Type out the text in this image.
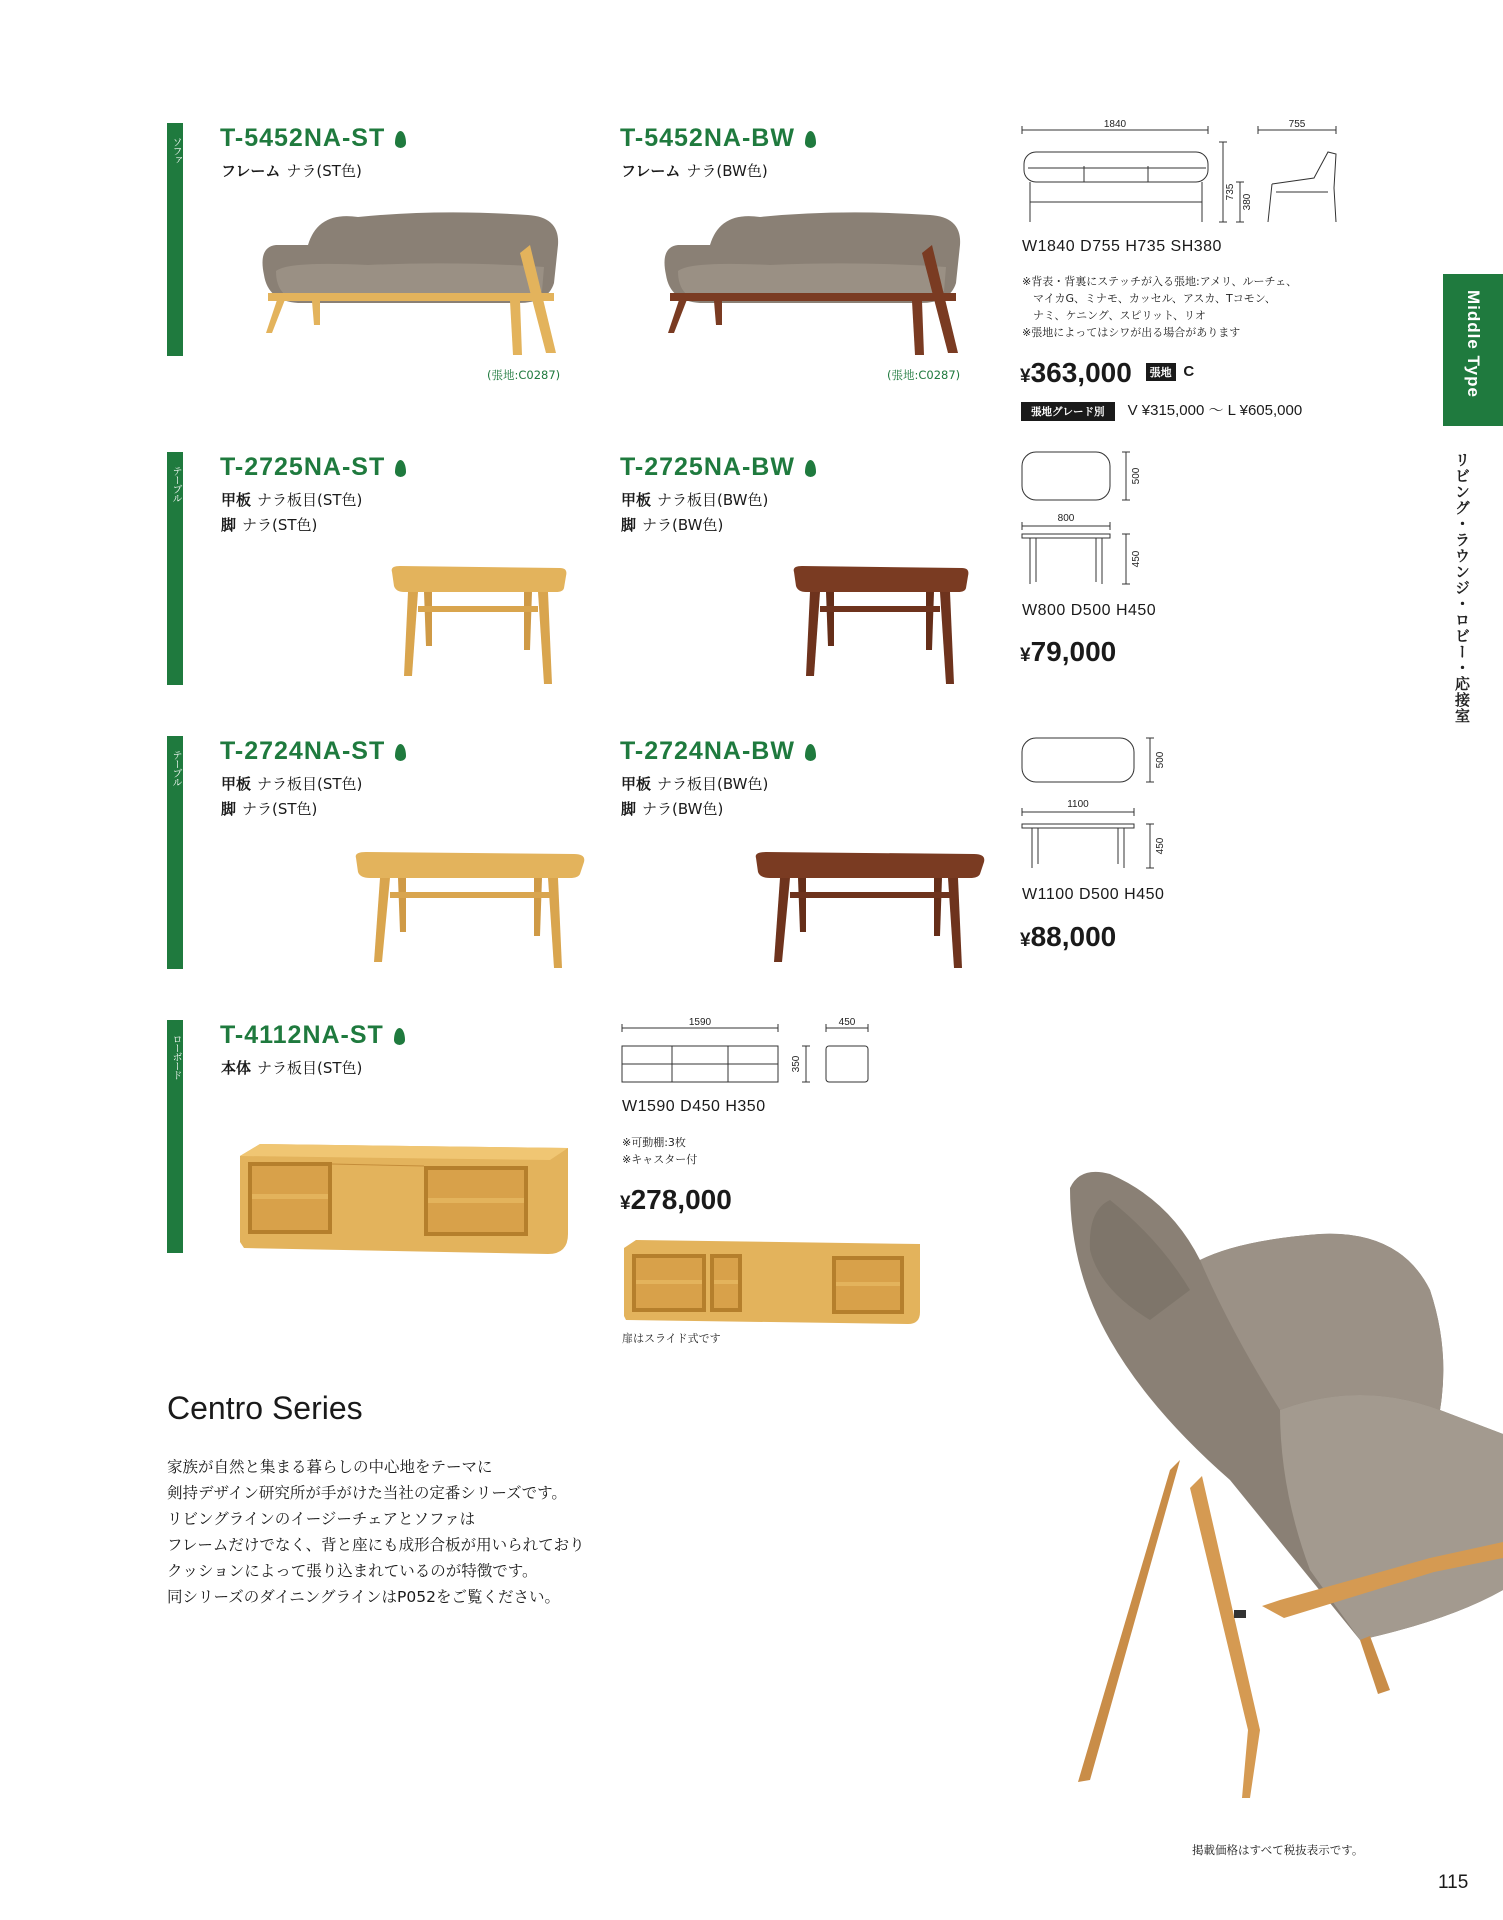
Middle Type
リビング・ラウンジ・ロビー・応接室
ソファ
テーブル
テーブル
ローボード
T-5452NA-ST
フレーム ナラ(ST色)
(張地:C0287)
T-5452NA-BW
フレーム ナラ(BW色)
(張地:C0287)
1840	755
735
380
W1840 D755 H735 SH380
※背表・背裏にステッチが入る張地:アメリ、ルーチェ、
　マイカG、ミナモ、カッセル、アスカ、Tコモン、
　ナミ、ケニング、スピリット、リオ
※張地によってはシワが出る場合があります
¥363,000 張地 $^C$
張地グレード別 V ¥315,000 〜 L ¥605,000
T-2725NA-ST
甲板 ナラ板目(ST色)
脚 ナラ(ST色)
T-2725NA-BW
甲板 ナラ板目(BW色)
脚 ナラ(BW色)	800
500
450
W800 D500 H450
¥79,000
T-2724NA-ST
甲板 ナラ板目(ST色)
脚 ナラ(ST色)
T-2724NA-BW
甲板 ナラ板目(BW色)
脚 ナラ(BW色)	1100
500
450
W1100 D500 H450
¥88,000
T-4112NA-ST
本体 ナラ板目(ST色)
1590	450
350
W1590 D450 H350
※可動棚:3枚
※キャスター付
¥278,000
扉はスライド式です
Centro Series
家族が自然と集まる暮らしの中心地をテーマに
剣持デザイン研究所が手がけた当社の定番シリーズです。
リビングラインのイージーチェアとソファは
フレームだけでなく、背と座にも成形合板が用いられており
クッションによって張り込まれているのが特徴です。
同シリーズのダイニングラインはP052をご覧ください。
掲載価格はすべて税抜表示です。
115
